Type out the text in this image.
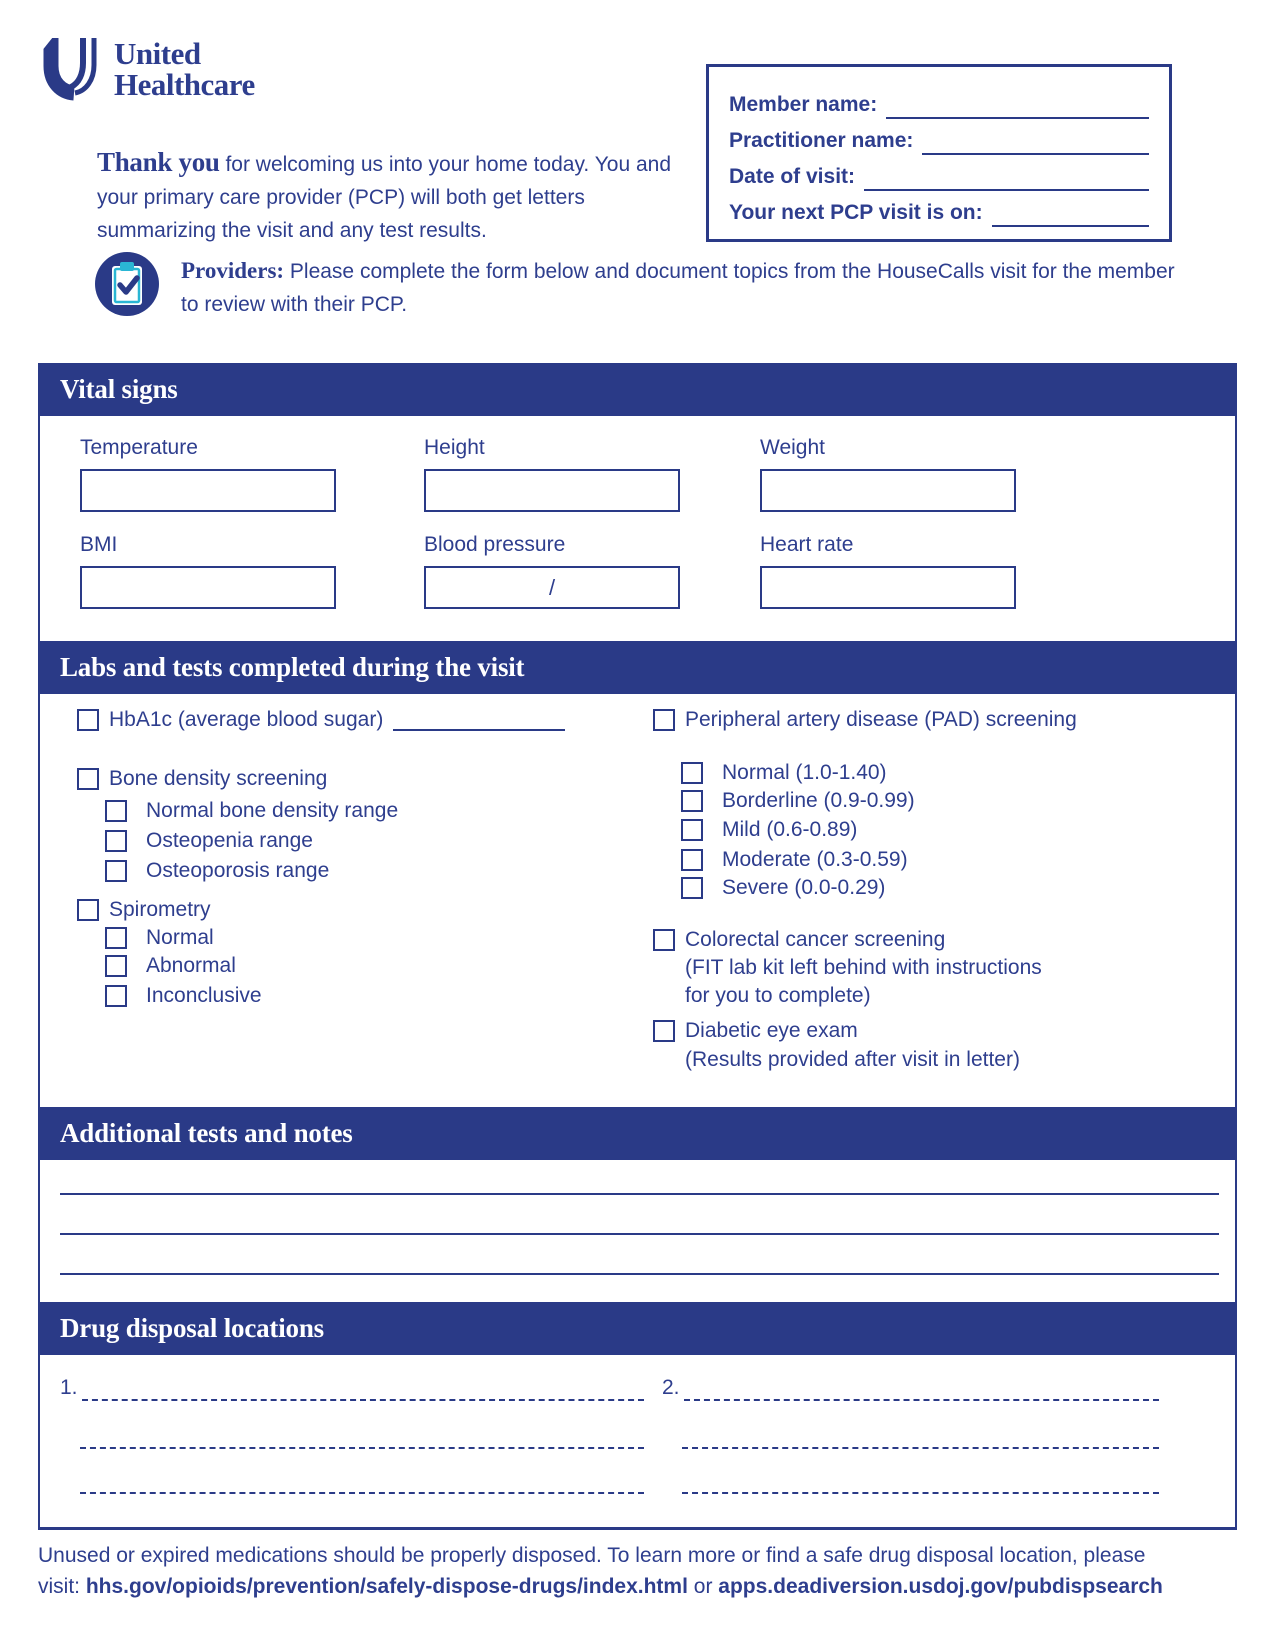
United
Healthcare
Member name:
Practitioner name:
Date of visit:
Your next PCP visit is on:

Thank you for welcoming us into your home today. You and your primary care provider (PCP) will both get letters summarizing the visit and any test results.

Providers: Please complete the form below and document topics from the HouseCalls visit for the member to review with their PCP.

Vital signs
Temperature	Height	Weight
BMI	Blood pressure	Heart rate
/
Labs and tests completed during the visit
HbA1c (average blood sugar)
Bone density screening
Normal bone density range
Osteopenia range
Osteoporosis range
Spirometry
Normal
Abnormal
Inconclusive
Peripheral artery disease (PAD) screening
Normal (1.0-1.40)
Borderline (0.9-0.99)
Mild (0.6-0.89)
Moderate (0.3-0.59)
Severe (0.0-0.29)
Colorectal cancer screening
(FIT lab kit left behind with instructions
for you to complete)
Diabetic eye exam
(Results provided after visit in letter)
Additional tests and notes
Drug disposal locations
1.	2.
Unused or expired medications should be properly disposed. To learn more or find a safe drug disposal location, please
visit: hhs.gov/opioids/prevention/safely-dispose-drugs/index.html or apps.deadiversion.usdoj.gov/pubdispsearch
